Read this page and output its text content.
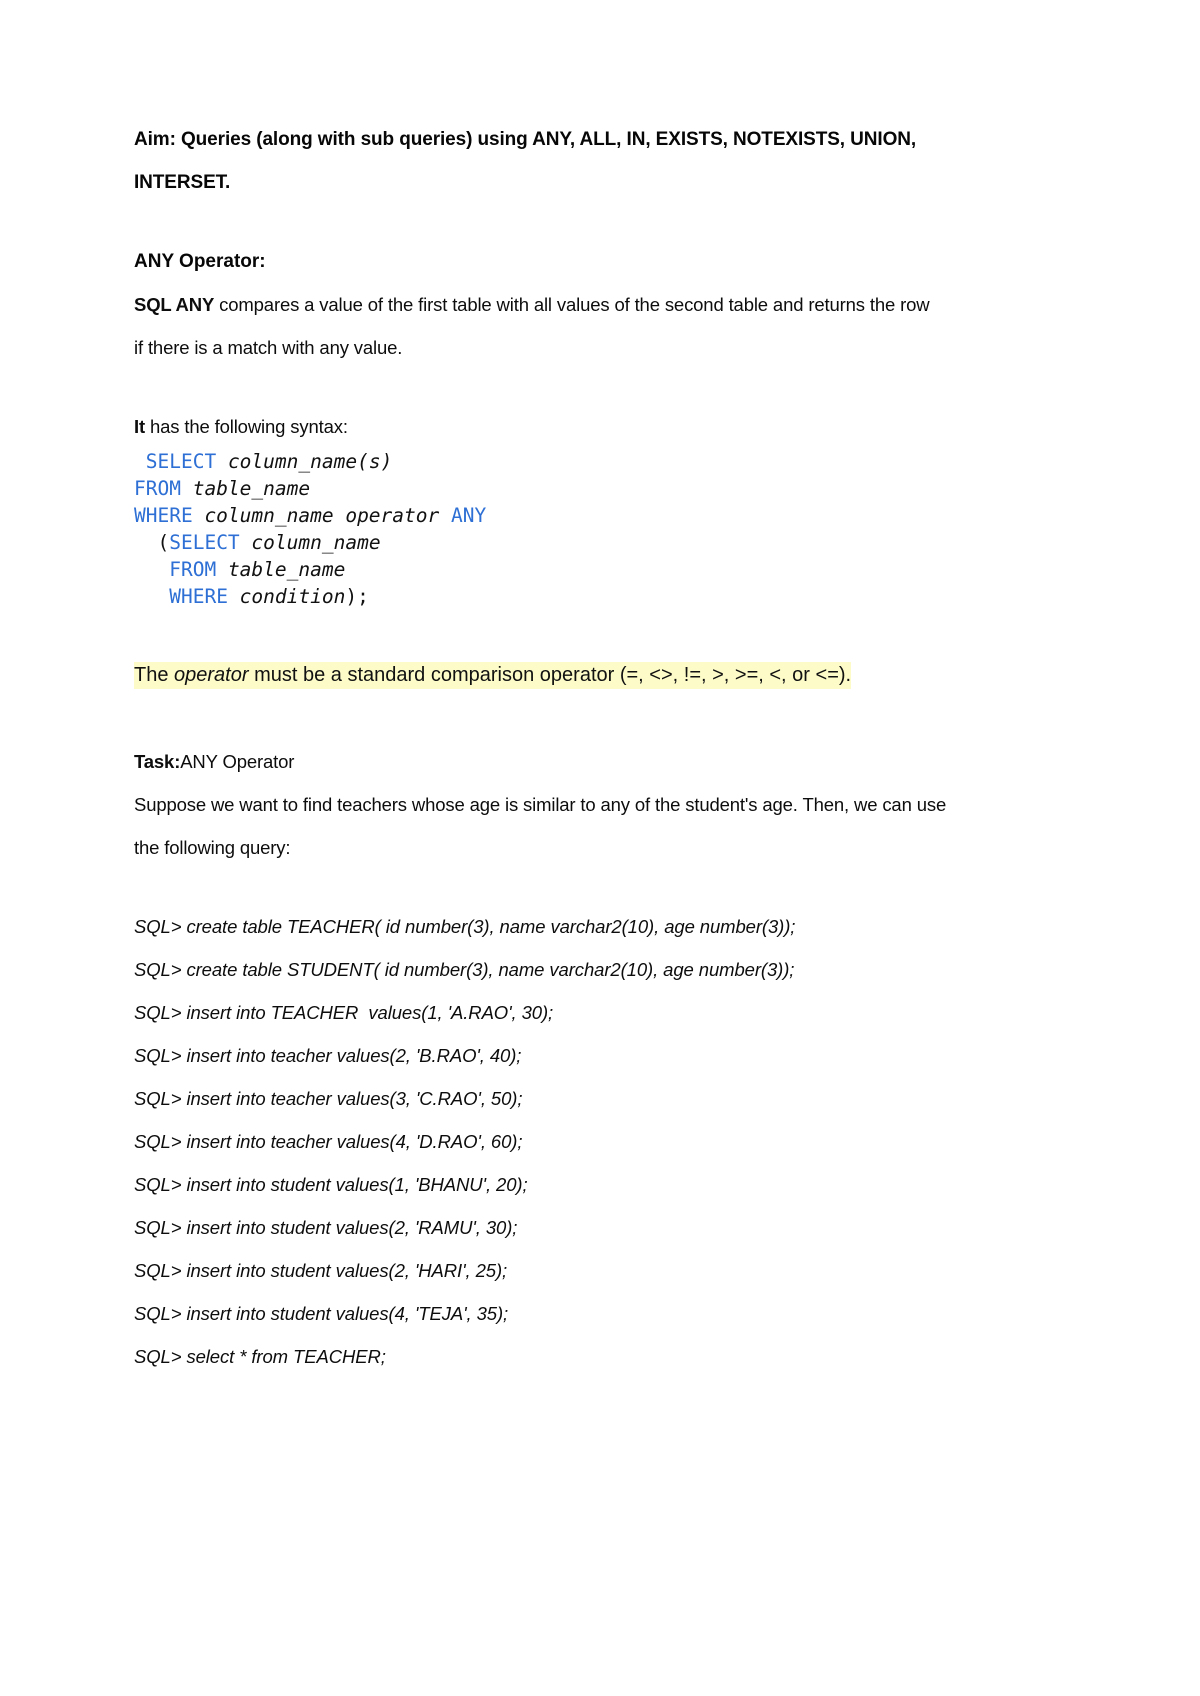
Aim: Queries (along with sub queries) using ANY, ALL, IN, EXISTS, NOTEXISTS, UNION,
INTERSET.
ANY Operator:
SQL ANY compares a value of the first table with all values of the second table and returns the row
if there is a match with any value.
It has the following syntax:
SELECT column_name(s)
FROM table_name
WHERE column_name operator ANY
(SELECT column_name
FROM table_name
WHERE condition);
The operator must be a standard comparison operator (=, <>, !=, >, >=, <, or <=).
Task:ANY Operator
Suppose we want to find teachers whose age is similar to any of the student's age. Then, we can use
the following query:
SQL> create table TEACHER( id number(3), name varchar2(10), age number(3));
SQL> create table STUDENT( id number(3), name varchar2(10), age number(3));
SQL> insert into TEACHER  values(1, 'A.RAO', 30);
SQL> insert into teacher values(2, 'B.RAO', 40);
SQL> insert into teacher values(3, 'C.RAO', 50);
SQL> insert into teacher values(4, 'D.RAO', 60);
SQL> insert into student values(1, 'BHANU', 20);
SQL> insert into student values(2, 'RAMU', 30);
SQL> insert into student values(2, 'HARI', 25);
SQL> insert into student values(4, 'TEJA', 35);
SQL> select * from TEACHER;
